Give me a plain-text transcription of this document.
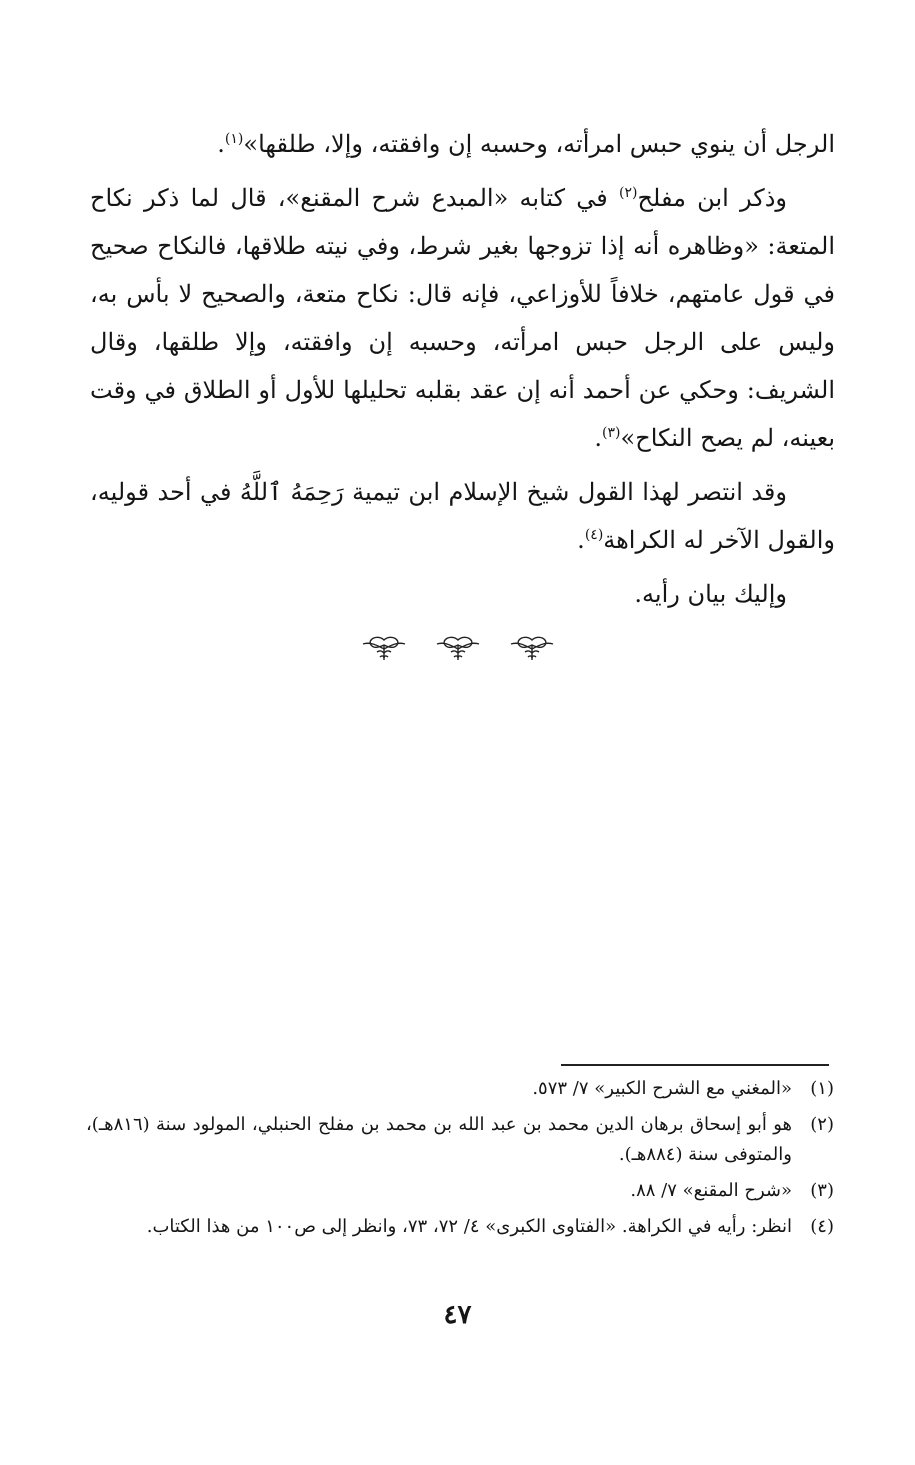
الرجل أن ينوي حبس امرأته، وحسبه إن وافقته، وإلا، طلقها»$^{(١)}$.

وذكر ابن مفلح$^{(٢)}$ في كتابه «المبدع شرح المقنع»، قال لما ذكر نكاح المتعة: «وظاهره أنه إذا تزوجها بغير شرط، وفي نيته طلاقها، فالنكاح صحيح في قول عامتهم، خلافاً للأوزاعي، فإنه قال: نكاح متعة، والصحيح لا بأس به، وليس على الرجل حبس امرأته، وحسبه إن وافقته، وإلا طلقها، وقال الشريف: وحكي عن أحمد أنه إن عقد بقلبه تحليلها للأول أو الطلاق في وقت بعينه، لم يصح النكاح»$^{(٣)}$.

وقد انتصر لهذا القول شيخ الإسلام ابن تيمية رَحِمَهُ ٱللَّهُ في أحد قوليه، والقول الآخر له الكراهة$^{(٤)}$.

وإليك بيان رأيه.

(١)
«المغني مع الشرح الكبير» ٧/ ٥٧٣.
(٢)
هو أبو إسحاق برهان الدين محمد بن عبد الله بن محمد بن مفلح الحنبلي، المولود سنة (٨١٦هـ)، والمتوفى سنة (٨٨٤هـ).
(٣)
«شرح المقنع» ٧/ ٨٨.
(٤)
انظر: رأيه في الكراهة. «الفتاوى الكبرى» ٤/ ٧٢، ٧٣، وانظر إلى ص١٠٠ من هذا الكتاب.
٤٧
